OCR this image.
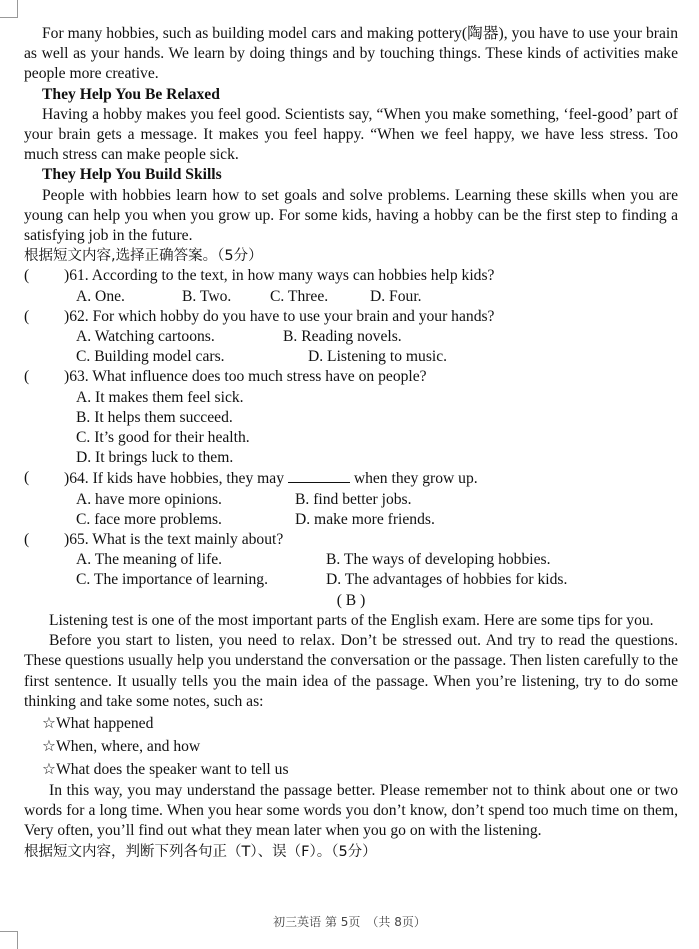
For many hobbies, such as building model cars and making pottery(陶器), you have to use your brain as well as your hands. We learn by doing things and by touching things. These kinds of activities make people more creative.

They Help You Be Relaxed

Having a hobby makes you feel good. Scientists say, “When you make something, ‘feel-good’ part of your brain gets a message. It makes you feel happy. “When we feel happy, we have less stress. Too much stress can make people sick.

They Help You Build Skills

People with hobbies learn how to set goals and solve problems. Learning these skills when you are young can help you when you grow up. For some kids, having a hobby can be the first step to finding a satisfying job in the future.

根据短文内容,选择正确答案。（5分）

(	)61. According to the text, in how many ways can hobbies help kids?
A. One.	B. Two.	C. Three.	D. Four.
(	)62. For which hobby do you have to use your brain and your hands?
A. Watching cartoons.	B. Reading novels.
C. Building model cars.	D. Listening to music.
(	)63. What influence does too much stress have on people?
A. It makes them feel sick.
B. It helps them succeed.
C. It’s good for their health.
D. It brings luck to them.
(	)64. If kids have hobbies, they may	when they grow up.
A. have more opinions.	B. find better jobs.
C. face more problems.	D. make more friends.
(	)65. What is the text mainly about?
A. The meaning of life.	B. The ways of developing hobbies.
C. The importance of learning.	D. The advantages of hobbies for kids.

( B )

Listening test is one of the most important parts of the English exam. Here are some tips for you.

Before you start to listen, you need to relax. Don’t be stressed out. And try to read the questions. These questions usually help you understand the conversation or the passage. Then listen carefully to the first sentence. It usually tells you the main idea of the passage. When you’re listening, try to do some thinking and take some notes, such as:

☆What happened

☆When, where, and how

☆What does the speaker want to tell us

In this way, you may understand the passage better. Please remember not to think about one or two words for a long time. When you hear some words you don’t know, don’t spend too much time on them, Very often, you’ll find out what they mean later when you go on with the listening.

根据短文内容，判断下列各句正（T）、误（F）。（5分）

初三英语 第 5页　（共 8页）
